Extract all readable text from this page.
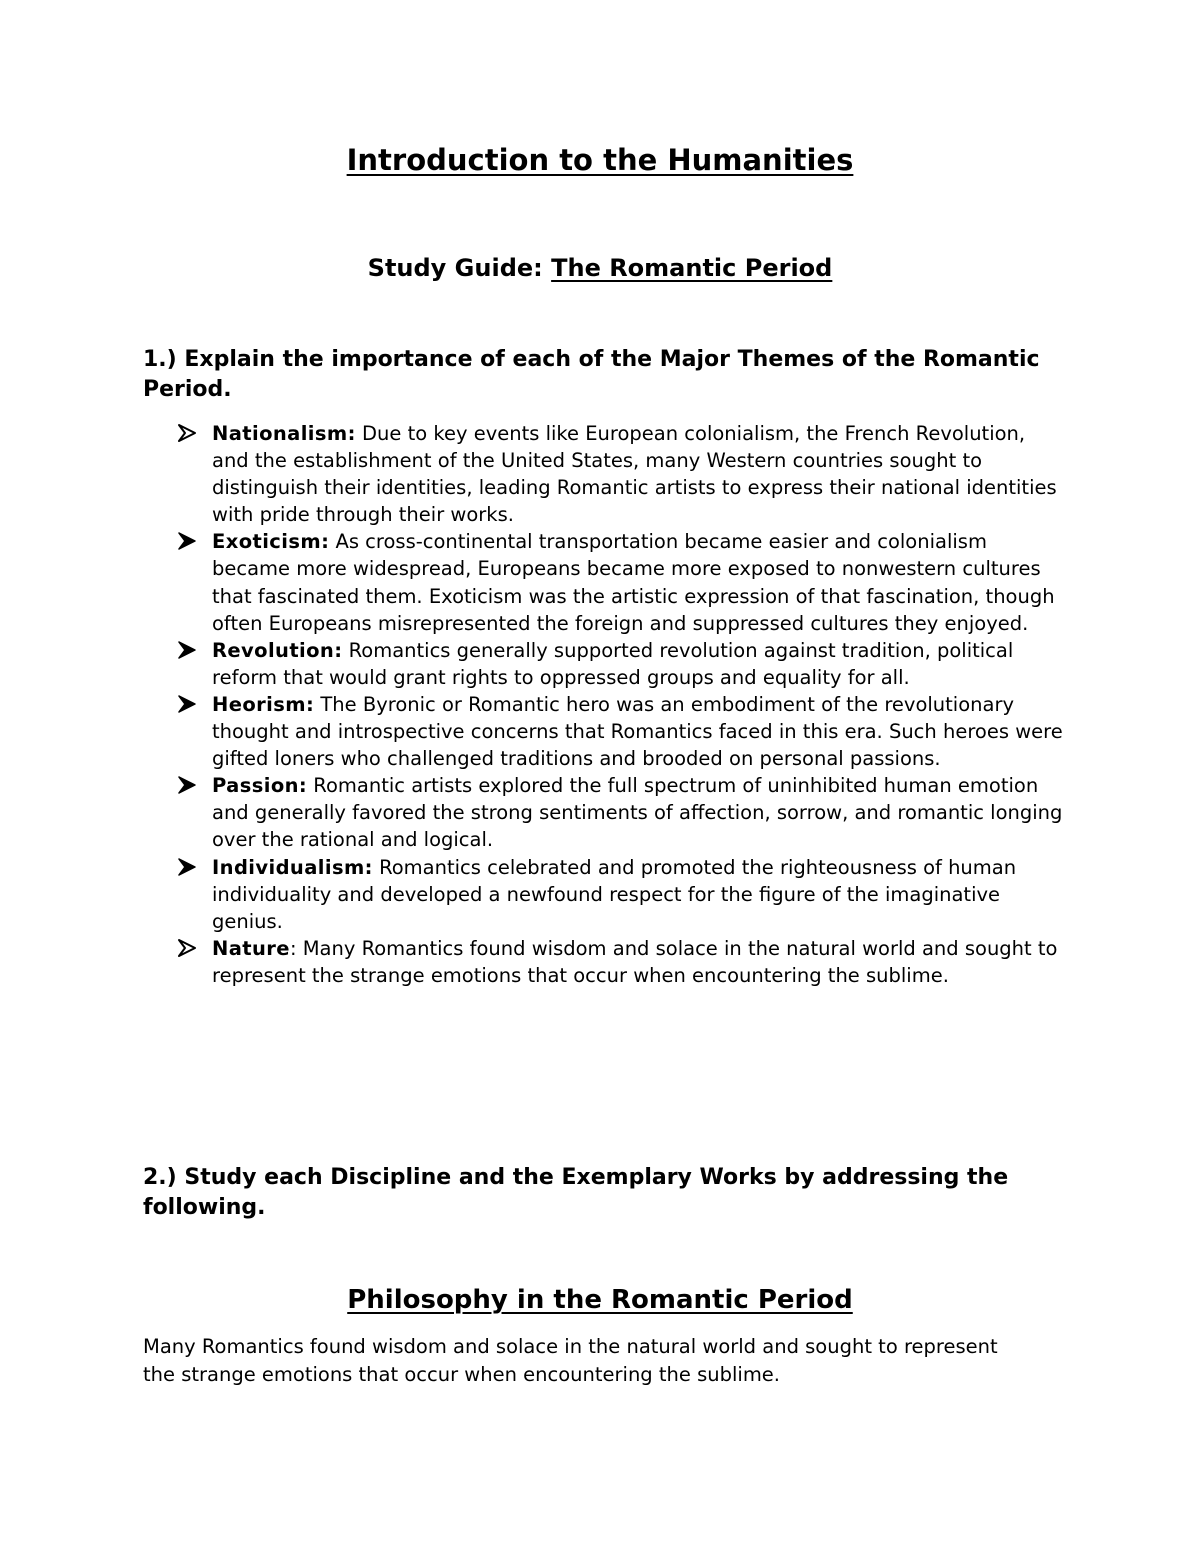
Introduction to the Humanities
Study Guide: The Romantic Period

1.) Explain the importance of each of the Major Themes of the Romantic Period.

Nationalism: Due to key events like European colonialism, the French Revolution, and the establishment of the United States, many Western countries sought to distinguish their identities, leading Romantic artists to express their national identities with pride through their works.
Exoticism: As cross-continental transportation became easier and colonialism became more widespread, Europeans became more exposed to nonwestern cultures that fascinated them. Exoticism was the artistic expression of that fascination, though often Europeans misrepresented the foreign and suppressed cultures they enjoyed.
Revolution: Romantics generally supported revolution against tradition, political reform that would grant rights to oppressed groups and equality for all.
Heorism: The Byronic or Romantic hero was an embodiment of the revolutionary thought and introspective concerns that Romantics faced in this era. Such heroes were gifted loners who challenged traditions and brooded on personal passions.
Passion: Romantic artists explored the full spectrum of uninhibited human emotion and generally favored the strong sentiments of affection, sorrow, and romantic longing over the rational and logical.
Individualism: Romantics celebrated and promoted the righteousness of human individuality and developed a newfound respect for the figure of the imaginative genius.
Nature: Many Romantics found wisdom and solace in the natural world and sought to represent the strange emotions that occur when encountering the sublime.

2.) Study each Discipline and the Exemplary Works by addressing the following.

Philosophy in the Romantic Period

Many Romantics found wisdom and solace in the natural world and sought to represent the strange emotions that occur when encountering the sublime.
